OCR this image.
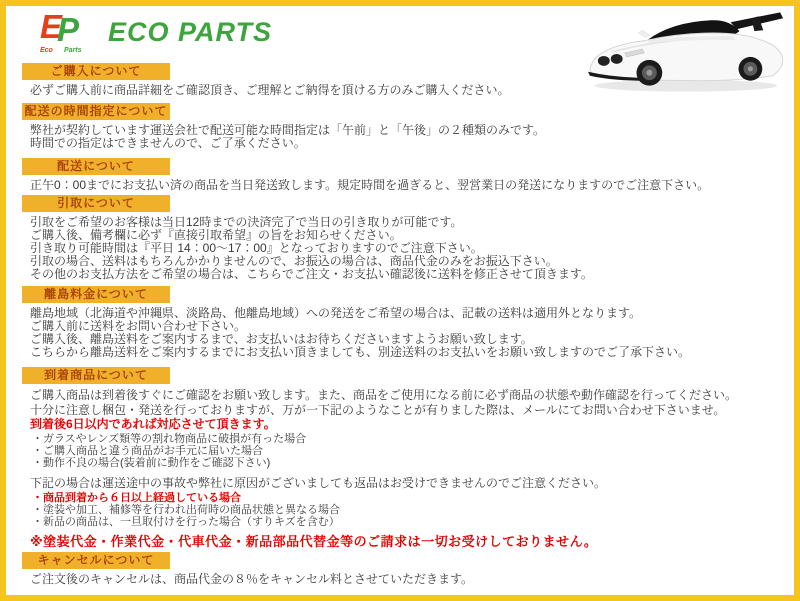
E
P
Eco Parts
ECO PARTS
ご購入について

必ずご購入前に商品詳細をご確認頂き、ご理解とご納得を頂ける方のみご購入ください。

配送の時間指定について

弊社が契約しています運送会社で配送可能な時間指定は「午前」と「午後」の２種類のみです。

時間での指定はできませんので、ご了承ください。

配送について

正午0：00までにお支払い済の商品を当日発送致します。規定時間を過ぎると、翌営業日の発送になりますのでご注意下さい。

引取について

引取をご希望のお客様は当日12時までの決済完了で当日の引き取りが可能です。

ご購入後、備考欄に必ず『直接引取希望』の旨をお知らせください。

引き取り可能時間は『平日 14：00～17：00』となっておりますのでご注意下さい。

引取の場合、送料はもちろんかかりませんので、お振込の場合は、商品代金のみをお振込下さい。

その他のお支払方法をご希望の場合は、こちらでご注文・お支払い確認後に送料を修正させて頂きます。

離島料金について

離島地域（北海道や沖縄県、淡路島、他離島地域）への発送をご希望の場合は、記載の送料は適用外となります。

ご購入前に送料をお問い合わせ下さい。

ご購入後、離島送料をご案内するまで、お支払いはお待ちくださいますようお願い致します。

こちらから離島送料をご案内するまでにお支払い頂きましても、別途送料のお支払いをお願い致しますのでご了承下さい。

到着商品について

ご購入商品は到着後すぐにご確認をお願い致します。また、商品をご使用になる前に必ず商品の状態や動作確認を行ってください。

十分に注意し梱包・発送を行っておりますが、万が一下記のようなことが有りました際は、メールにてお問い合わせ下さいませ。

到着後6日以内であれば対応させて頂きます。

・ガラスやレンズ類等の割れ物商品に破損が有った場合

・ご購入商品と違う商品がお手元に届いた場合

・動作不良の場合(装着前に動作をご確認下さい)

下記の場合は運送途中の事故や弊社に原因がございましても返品はお受けできませんのでご注意ください。

・商品到着から６日以上経過している場合

・塗装や加工、補修等を行われ出荷時の商品状態と異なる場合

・新品の商品は、一旦取付けを行った場合（すりキズを含む）

※塗装代金・作業代金・代車代金・新品部品代替金等のご請求は一切お受けしておりません。

キャンセルについて

ご注文後のキャンセルは、商品代金の８％をキャンセル料とさせていただきます。
